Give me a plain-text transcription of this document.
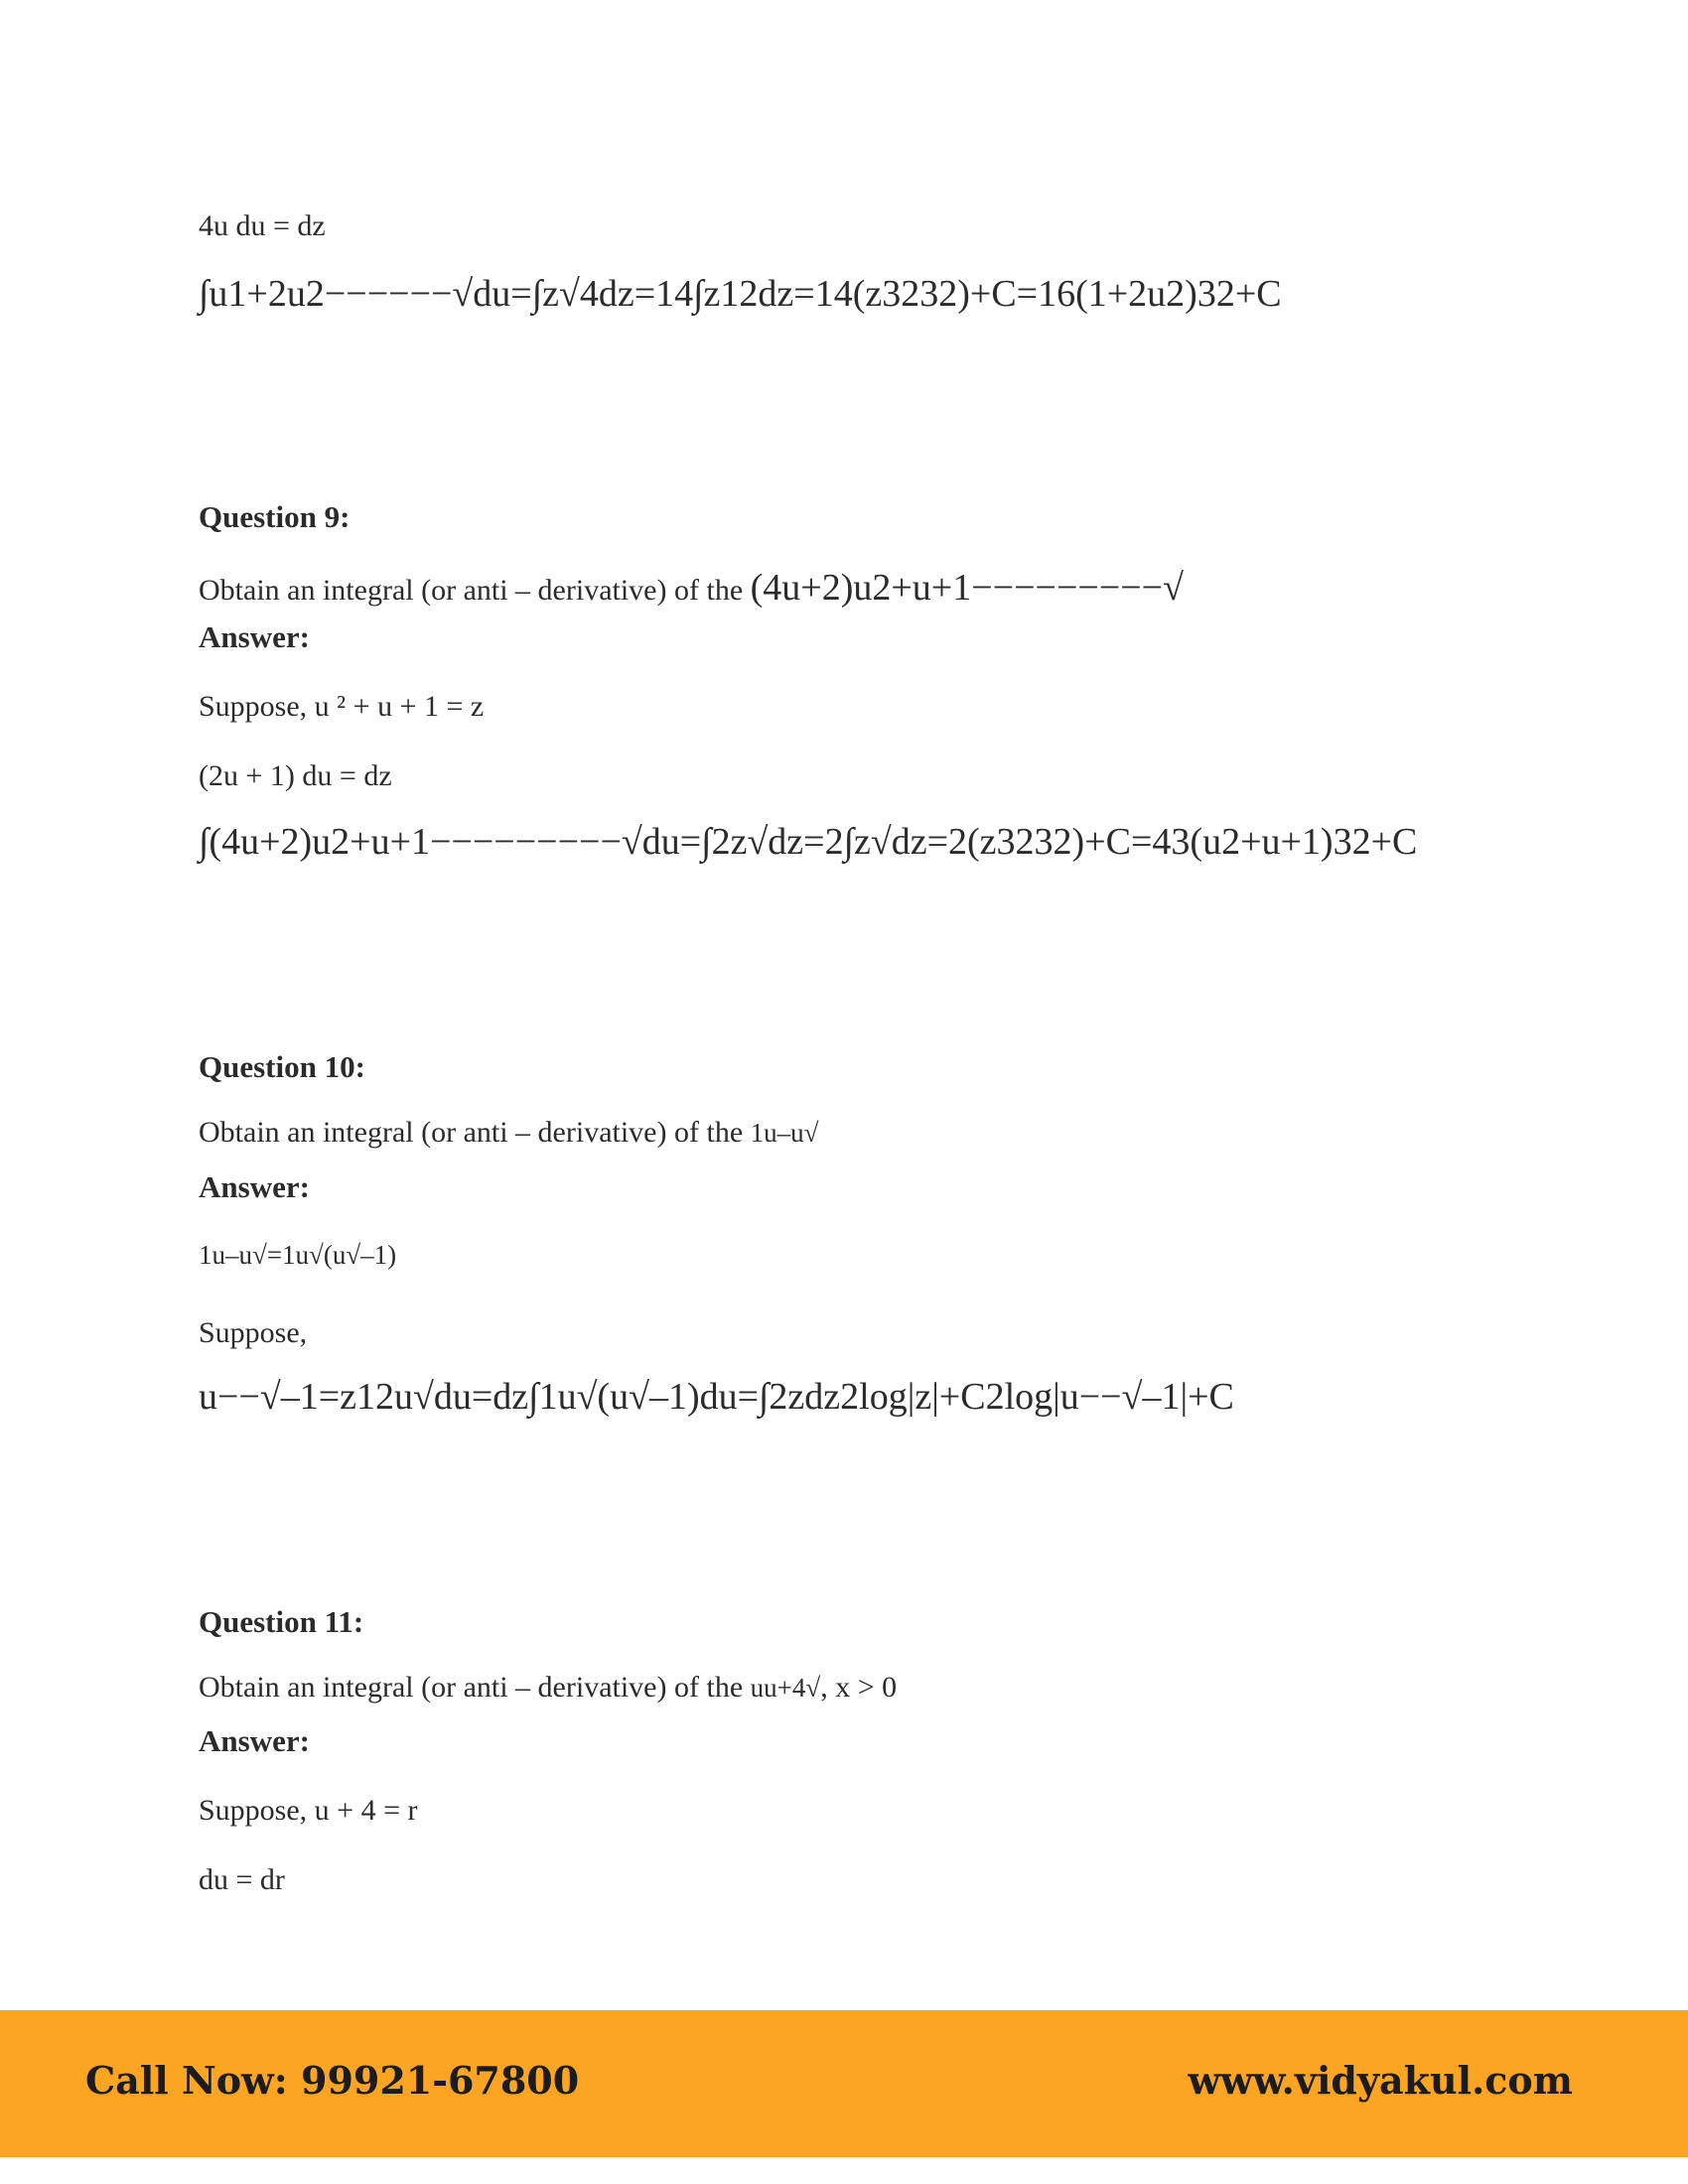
4u du = dz
∫u1+2u2−−−−−−√du=∫z√4dz=14∫z12dz=14(z3232)+C=16(1+2u2)32+C
Question 9:
Obtain an integral (or anti – derivative) of the (4u+2)u2+u+1−−−−−−−−−√
Answer:
Suppose, u ² + u + 1 = z
(2u + 1) du = dz
∫(4u+2)u2+u+1−−−−−−−−−√du=∫2z√dz=2∫z√dz=2(z3232)+C=43(u2+u+1)32+C
Question 10:
Obtain an integral (or anti – derivative) of the 1u–u√
Answer:
1u–u√=1u√(u√–1)
Suppose,
u−−√–1=z12u√du=dz∫1u√(u√–1)du=∫2zdz2log|z|+C2log|u−−√–1|+C
Question 11:
Obtain an integral (or anti – derivative) of the uu+4√, x > 0
Answer:
Suppose, u + 4 = r
du = dr
Call Now: 99921-67800	www.vidyakul.com
